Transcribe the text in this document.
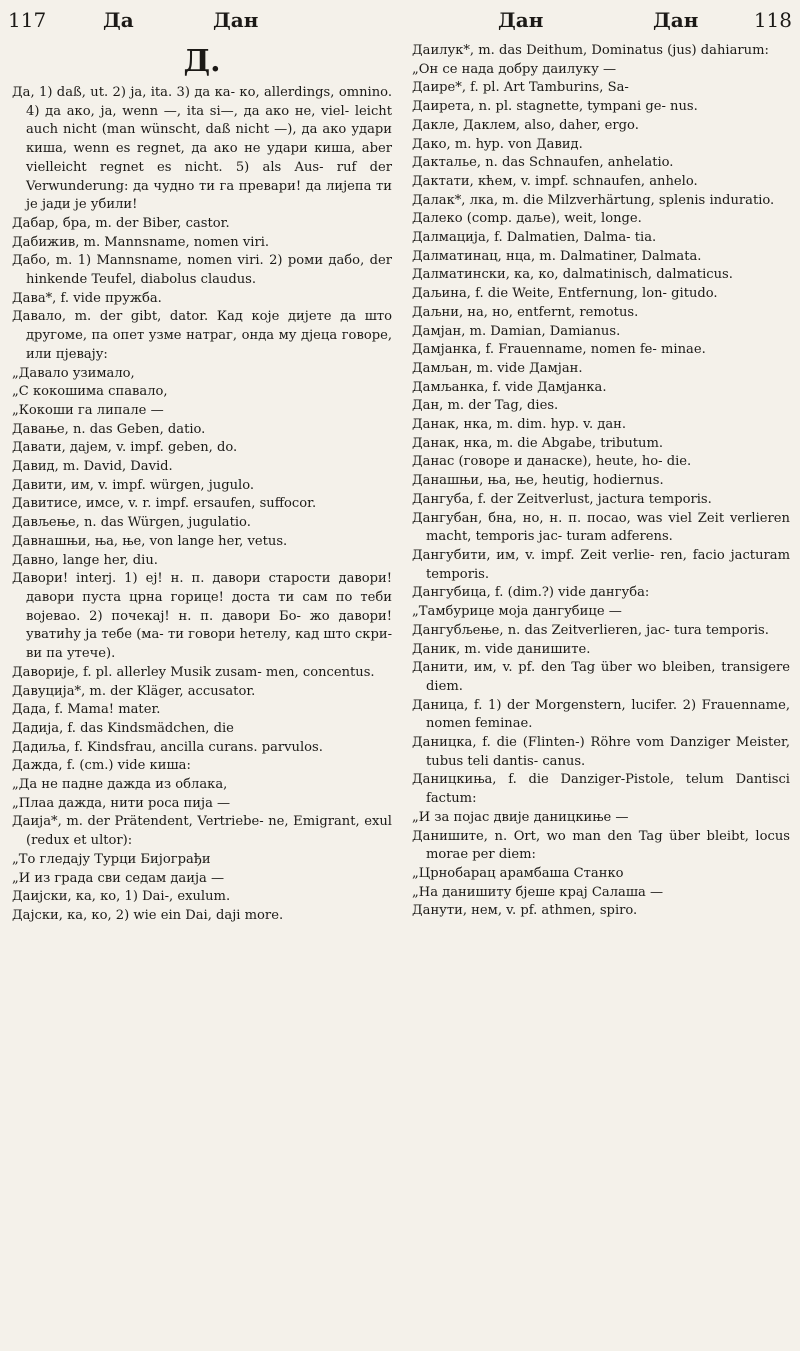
117	Да	Дан	Дан	Дан	118
Д.
Да, 1) daß, ut. 2) ja, ita. 3) да ка- ко, allerdings, omnino. 4) да ако, ja, wenn —, ita si—, да ако не, viel- leicht auch nicht (man wünscht, daß nicht —), да ако удари киша, wenn es regnet, да ако не удари киша, aber vielleicht regnet es nicht. 5) als Aus- ruf der Verwunderung: да чудно ти га превари! да лијепа ти је јади је убили!
Дабар, бра, m. der Biber, castor.
Дабижив, m. Mannsname, nomen viri.
Дабо, m. 1) Mannsname, nomen viri. 2) роми дабо, der hinkende Teufel, diabolus claudus.
Дава*, f. vide пружба.
Давало, m. der gibt, dator. Кад које дијете да што другоме, па опет узме натраг, онда му дјеца говоре, или пјевају:
„Давало узимало,
„С кокошима спавало,
„Кокоши га липале —
Давање, n. das Geben, datio.
Давати, дајем, v. impf. geben, do.
Давид, m. David, David.
Давити, им, v. impf. würgen, jugulo.
Давитисе, имсе, v. r. impf. ersaufen, suffocor.
Дављење, n. das Würgen, jugulatio.
Давнашњи, ња, ње, von lange her, vetus.
Давно, lange her, diu.
Давори! interj. 1) ej! н. п. давори старости давори! давори пуста црна горице! доста ти сам по теби војевао. 2) почекај! н. п. давори Бо- жо давори! уватиhу ја тебе (ма- ти говори hетелу, кад што скри- ви па утече).
Даворије, f. pl. allerley Musik zusam- men, concentus.
Давуција*, m. der Kläger, accusator.
Дада, f. Mama! mater.
Дадија, f. das Kindsmädchen, die
Дадиља, f. Kindsfrau, ancilla curans. parvulos.
Дажда, f. (cm.) vide киша:
„Да не падне дажда из облака,
„Плаа дажда, нити роса пија —
Даија*, m. der Prätendent, Vertriebe- ne, Emigrant, exul (redux et ultor):
„То гледају Турци Бијограђи
„И из града сви седам даија —
Даијски, ка, ко, 1) Dai-, exulum.
Дајски, ка, ко, 2) wie ein Dai, daji more.
Даилук*, m. das Deithum, Dominatus (jus) dahiarum:
„Он се нада добру даилуку —
Даире*, f. pl. Art Tamburins, Sa-
Даирета, n. pl. stagnette, tympani ge- nus.
Даклe, Даклем, also, daher, ergo.
Дако, m. hyp. von Давид.
Дакталье, n. das Schnaufen, anhelatio.
Дактати, кћем, v. impf. schnaufen, anhelo.
Далак*, лка, m. die Milzverhärtung, splenis induratio.
Далеко (comp. даље), weit, longe.
Далмација, f. Dalmatien, Dalma- tia.
Далматинац, нца, m. Dalmatiner, Dalmata.
Далматински, ка, ко, dalmatinisch, dalmaticus.
Даљина, f. die Weite, Entfernung, lon- gitudo.
Даљни, на, но, entfernt, remotus.
Дамјан, m. Damian, Damianus.
Дамјанка, f. Frauenname, nomen fe- minae.
Дамљан, m. vide Дамјан.
Дамљанка, f. vide Дамјанка.
Дан, m. der Tag, dies.
Данак, нка, m. dim. hyp. v. дан.
Данак, нка, m. die Abgabe, tributum.
Данас (говоре и данаске), heute, ho- die.
Данашњи, ња, ње, heutig, hodiernus.
Дангуба, f. der Zeitverlust, jactura temporis.
Дангубан, бна, но, н. п. посао, was viel Zeit verlieren macht, temporis jac- turam adferens.
Дангубити, им, v. impf. Zeit verlie- ren, facio jacturam temporis.
Дангубица, f. (dim.?) vide дангуба:
„Тамбурице моја дангубице —
Дангубљење, n. das Zeitverlieren, jac- tura temporis.
Даник, m. vide данишите.
Данити, им, v. pf. den Tag über wo bleiben, transigere diem.
Даница, f. 1) der Morgenstern, lucifer. 2) Frauenname, nomen feminae.
Даницка, f. die (Flinten-) Röhre vom Danziger Meister, tubus teli dantis- canus.
Даницкиња, f. die Danziger-Pistole, telum Dantisci factum:
„И за појас двије даницкиње —
Данишите, n. Ort, wo man den Tag über bleibt, locus morae per diem:
„Црнобарац арамбаша Станко
„На данишиту бјеше крај Салаша —
Данути, нем, v. pf. athmen, spiro.
